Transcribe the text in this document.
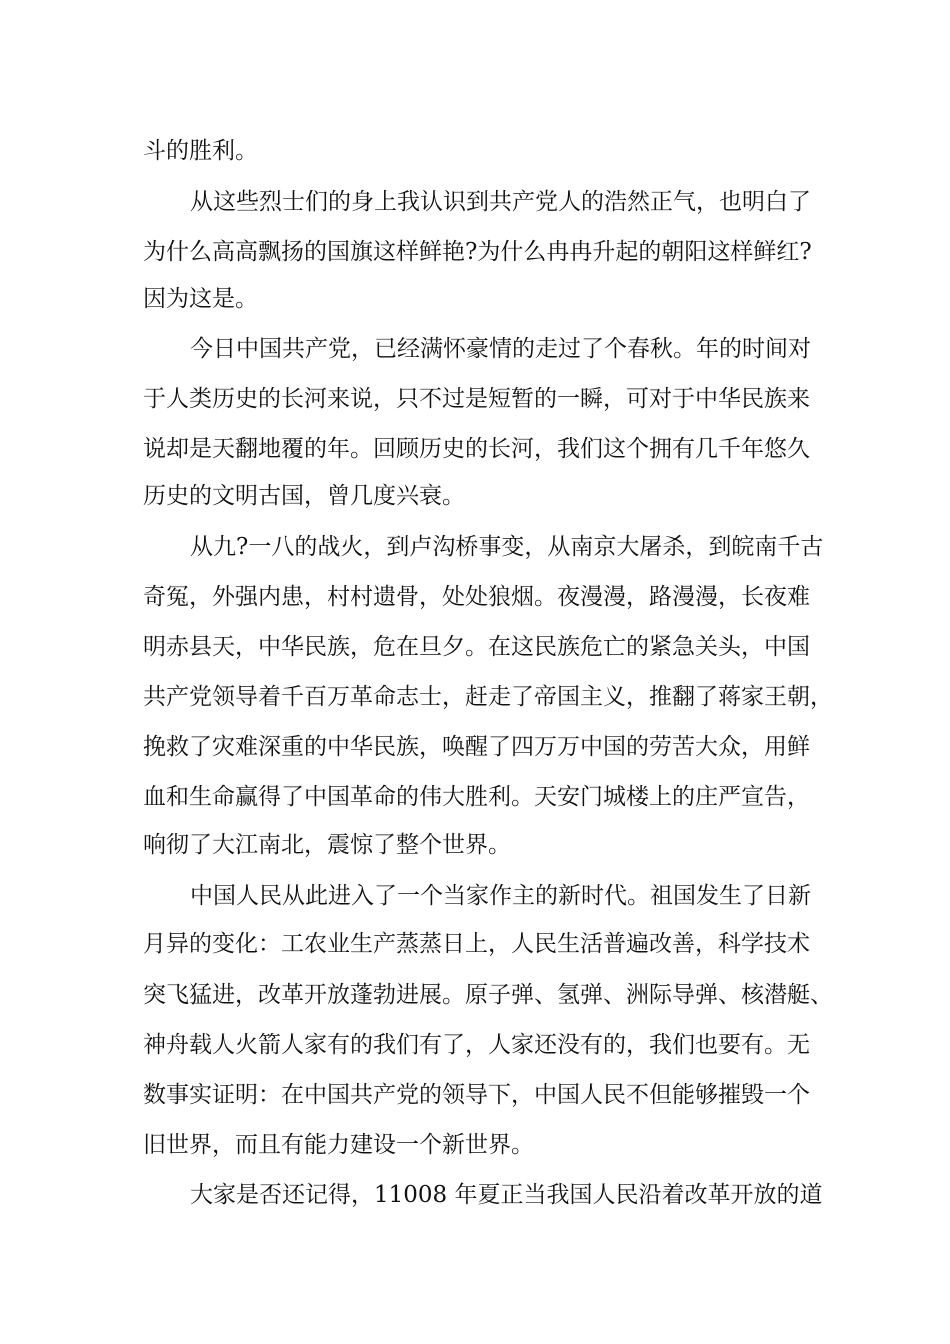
斗的胜利。

从这些烈士们的身上我认识到共产党人的浩然正气，也明白了

为什么高高飘扬的国旗这样鲜艳?为什么冉冉升起的朝阳这样鲜红?

因为这是。

今日中国共产党，已经满怀豪情的走过了个春秋。年的时间对

于人类历史的长河来说，只不过是短暂的一瞬，可对于中华民族来

说却是天翻地覆的年。回顾历史的长河，我们这个拥有几千年悠久

历史的文明古国，曾几度兴衰。

从九?一八的战火，到卢沟桥事变，从南京大屠杀，到皖南千古

奇冤，外强内患，村村遗骨，处处狼烟。夜漫漫，路漫漫，长夜难

明赤县天，中华民族，危在旦夕。在这民族危亡的紧急关头，中国

共产党领导着千百万革命志士，赶走了帝国主义，推翻了蒋家王朝，

挽救了灾难深重的中华民族，唤醒了四万万中国的劳苦大众，用鲜

血和生命赢得了中国革命的伟大胜利。天安门城楼上的庄严宣告，

响彻了大江南北，震惊了整个世界。

中国人民从此进入了一个当家作主的新时代。祖国发生了日新

月异的变化：工农业生产蒸蒸日上，人民生活普遍改善，科学技术

突飞猛进，改革开放蓬勃进展。原子弹、氢弹、洲际导弹、核潜艇、

神舟载人火箭人家有的我们有了，人家还没有的，我们也要有。无

数事实证明：在中国共产党的领导下，中国人民不但能够摧毁一个

旧世界，而且有能力建设一个新世界。

大家是否还记得，11008 年夏正当我国人民沿着改革开放的道
